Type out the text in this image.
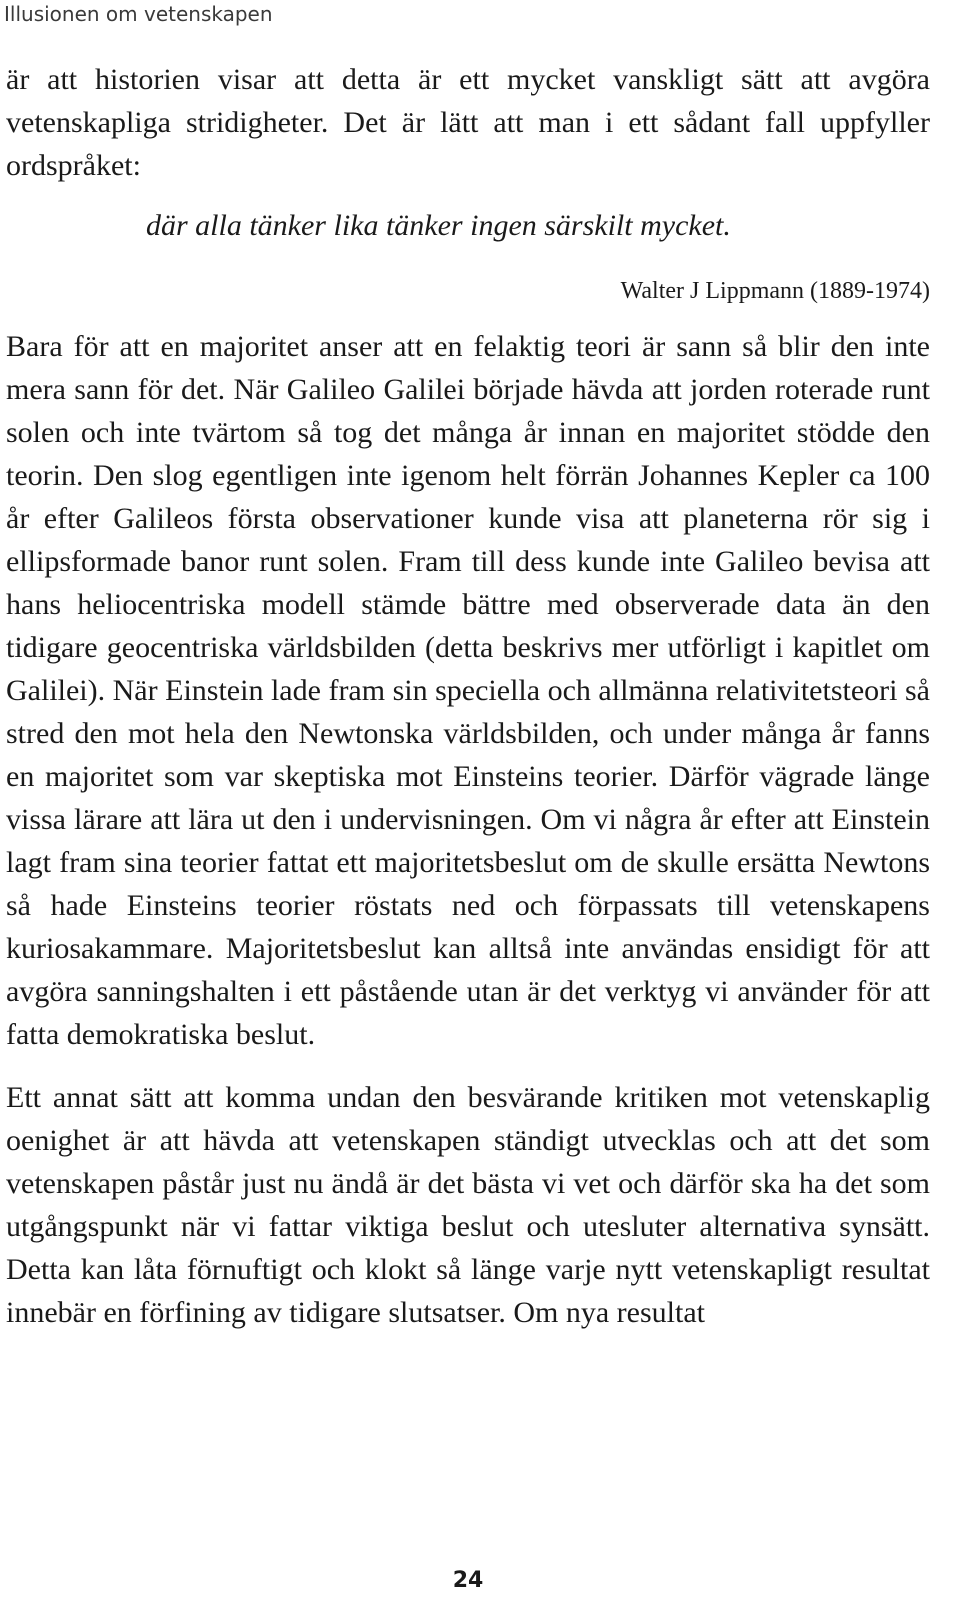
Illusionen om vetenskapen

är att historien visar att detta är ett mycket vanskligt sätt att avgöra vetenskapliga stridigheter. Det är lätt att man i ett sådant fall uppfyller ordspråket:

där alla tänker lika tänker ingen särskilt mycket.
Walter J Lippmann (1889-1974)

Bara för att en majoritet anser att en felaktig teori är sann så blir den inte mera sann för det. När Galileo Galilei började hävda att jorden roterade runt solen och inte tvärtom så tog det många år innan en majoritet stödde den teorin. Den slog egentligen inte igenom helt förrän Johannes Kepler ca 100 år efter Galileos första observationer kunde visa att planeterna rör sig i ellipsformade banor runt solen. Fram till dess kunde inte Galileo bevisa att hans heliocentriska modell stämde bättre med observerade data än den tidigare geocentriska världsbilden (detta beskrivs mer utförligt i kapitlet om Galilei). När Einstein lade fram sin speciella och allmänna relativitetsteori så stred den mot hela den Newtonska världsbilden, och under många år fanns en majoritet som var skeptiska mot Einsteins teorier. Därför vägrade länge vissa lärare att lära ut den i undervisningen. Om vi några år efter att Einstein lagt fram sina teorier fattat ett majoritetsbeslut om de skulle ersätta Newtons så hade Einsteins teorier röstats ned och förpassats till vetenskapens kuriosakammare. Majoritetsbeslut kan alltså inte användas ensidigt för att avgöra sanningshalten i ett påstående utan är det verktyg vi använder för att fatta demokratiska beslut.

Ett annat sätt att komma undan den besvärande kritiken mot vetenskaplig oenighet är att hävda att vetenskapen ständigt utvecklas och att det som vetenskapen påstår just nu ändå är det bästa vi vet och därför ska ha det som utgångspunkt när vi fattar viktiga beslut och utesluter alternativa synsätt. Detta kan låta förnuftigt och klokt så länge varje nytt vetenskapligt resultat innebär en förfining av tidigare slutsatser. Om nya resultat

24
